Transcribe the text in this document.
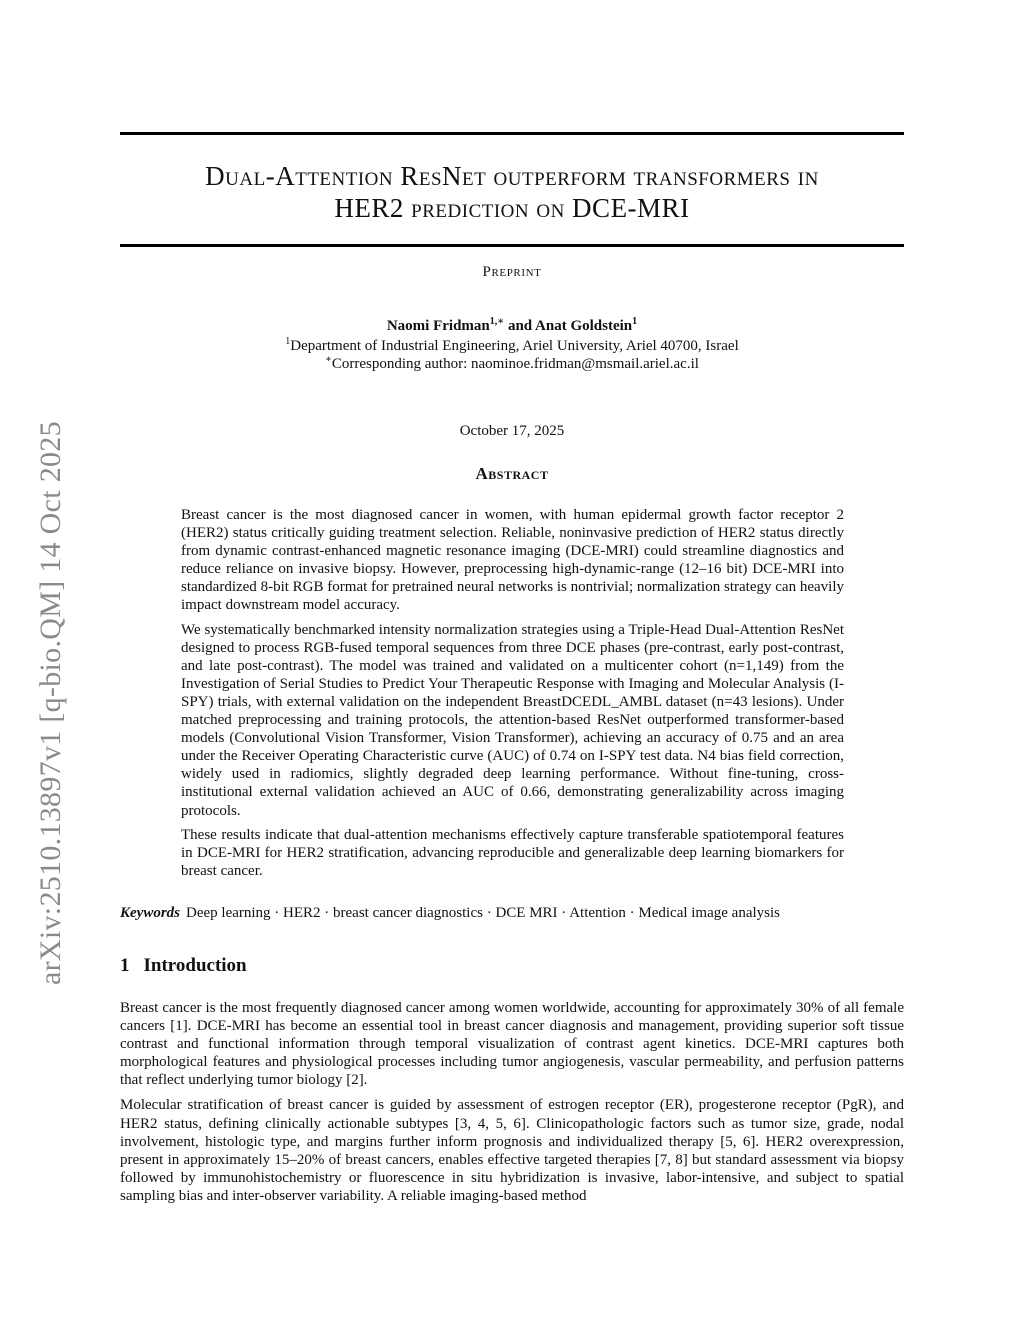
arXiv:2510.13897v1 [q-bio.QM] 14 Oct 2025
Dual-Attention ResNet outperform transformers in
HER2 prediction on DCE-MRI
Preprint
Naomi Fridman$^{1,∗}$ and Anat Goldstein$^1$
$^1$Department of Industrial Engineering, Ariel University, Ariel 40700, Israel
∗Corresponding author: naominoe.fridman@msmail.ariel.ac.il
October 17, 2025
Abstract

Breast cancer is the most diagnosed cancer in women, with human epidermal growth factor receptor 2 (HER2) status critically guiding treatment selection. Reliable, noninvasive prediction of HER2 status directly from dynamic contrast-enhanced magnetic resonance imaging (DCE-MRI) could streamline diagnostics and reduce reliance on invasive biopsy. However, preprocessing high-dynamic-range (12–16 bit) DCE-MRI into standardized 8-bit RGB format for pretrained neural networks is nontrivial; normalization strategy can heavily impact downstream model accuracy.

We systematically benchmarked intensity normalization strategies using a Triple-Head Dual-Attention ResNet designed to process RGB-fused temporal sequences from three DCE phases (pre-contrast, early post-contrast, and late post-contrast). The model was trained and validated on a multicenter cohort (n=1,149) from the Investigation of Serial Studies to Predict Your Therapeutic Response with Imaging and Molecular Analysis (I-SPY) trials, with external validation on the independent BreastDCEDL_AMBL dataset (n=43 lesions). Under matched preprocessing and training protocols, the attention-based ResNet outperformed transformer-based models (Convolutional Vision Transformer, Vision Transformer), achieving an accuracy of 0.75 and an area under the Receiver Operating Characteristic curve (AUC) of 0.74 on I-SPY test data. N4 bias field correction, widely used in radiomics, slightly degraded deep learning performance. Without fine-tuning, cross-institutional external validation achieved an AUC of 0.66, demonstrating generalizability across imaging protocols.

These results indicate that dual-attention mechanisms effectively capture transferable spatiotemporal features in DCE-MRI for HER2 stratification, advancing reproducible and generalizable deep learning biomarkers for breast cancer.

Keywords Deep learning · HER2 · breast cancer diagnostics · DCE MRI · Attention · Medical image analysis
1 Introduction

Breast cancer is the most frequently diagnosed cancer among women worldwide, accounting for approximately 30% of all female cancers [1]. DCE-MRI has become an essential tool in breast cancer diagnosis and management, providing superior soft tissue contrast and functional information through temporal visualization of contrast agent kinetics. DCE-MRI captures both morphological features and physiological processes including tumor angiogenesis, vascular permeability, and perfusion patterns that reflect underlying tumor biology [2].

Molecular stratification of breast cancer is guided by assessment of estrogen receptor (ER), progesterone receptor (PgR), and HER2 status, defining clinically actionable subtypes [3, 4, 5, 6]. Clinicopathologic factors such as tumor size, grade, nodal involvement, histologic type, and margins further inform prognosis and individualized therapy [5, 6]. HER2 overexpression, present in approximately 15–20% of breast cancers, enables effective targeted therapies [7, 8] but standard assessment via biopsy followed by immunohistochemistry or fluorescence in situ hybridization is invasive, labor-intensive, and subject to spatial sampling bias and inter-observer variability. A reliable imaging-based method
